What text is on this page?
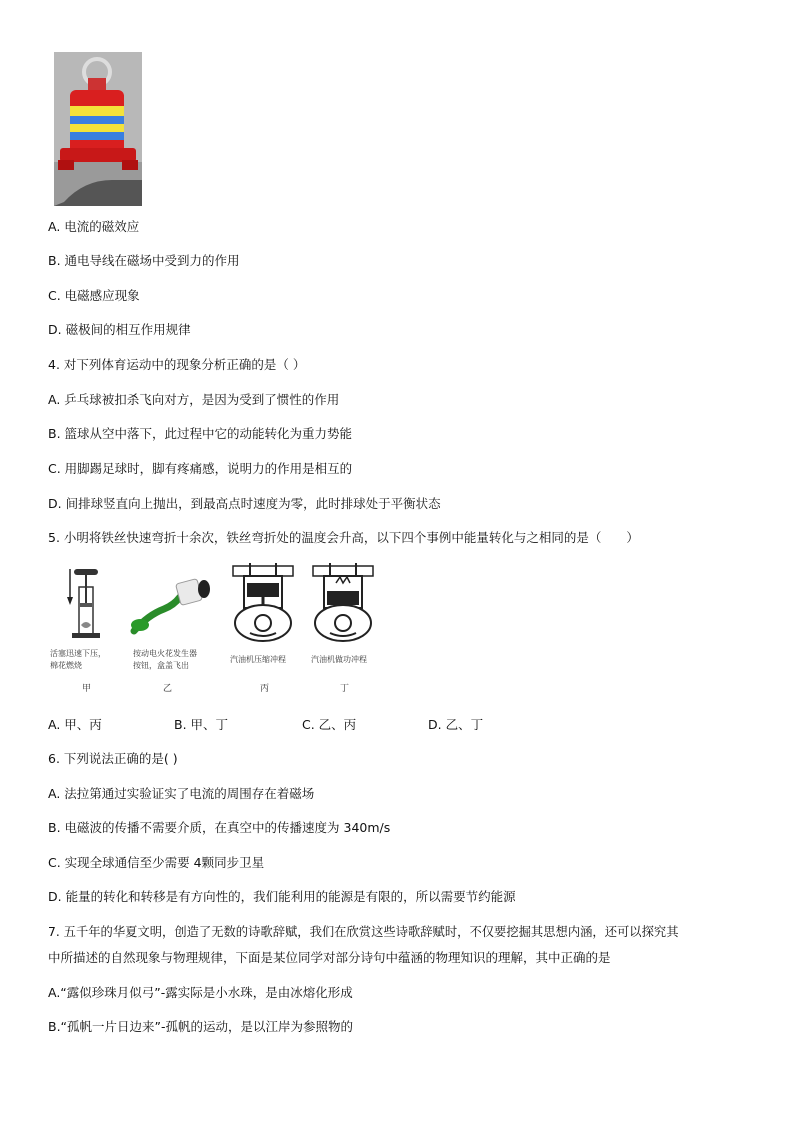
A. 电流的磁效应
B. 通电导线在磁场中受到力的作用
C. 电磁感应现象
D. 磁极间的相互作用规律
4. 对下列体育运动中的现象分析正确的是（ ）
A. 乒乓球被扣杀飞向对方，是因为受到了惯性的作用
B. 篮球从空中落下，此过程中它的动能转化为重力势能
C. 用脚踢足球时，脚有疼痛感，说明力的作用是相互的
D. 间排球竖直向上抛出，到最高点时速度为零，此时排球处于平衡状态
5. 小明将铁丝快速弯折十余次，铁丝弯折处的温度会升高，以下四个事例中能量转化与之相同的是（　　）
活塞迅速下压，
棉花燃烧
按动电火花发生器
按钮，盒盖飞出
汽油机压缩冲程	汽油机做功冲程
甲	乙	丙	丁
A. 甲、丙	B. 甲、丁	C. 乙、丙	D. 乙、丁
6. 下列说法正确的是( )
A. 法拉第通过实验证实了电流的周围存在着磁场
B. 电磁波的传播不需要介质，在真空中的传播速度为 340m/s
C. 实现全球通信至少需要 4颗同步卫星
D. 能量的转化和转移是有方向性的，我们能利用的能源是有限的，所以需要节约能源
7. 五千年的华夏文明，创造了无数的诗歌辞赋，我们在欣赏这些诗歌辞赋时，不仅要挖掘其思想内涵，还可以探究其
中所描述的自然现象与物理规律，下面是某位同学对部分诗句中蕴涵的物理知识的理解，其中正确的是
A.“露似珍珠月似弓”-露实际是小水珠，是由冰熔化形成
B.“孤帆一片日边来”-孤帆的运动，是以江岸为参照物的
